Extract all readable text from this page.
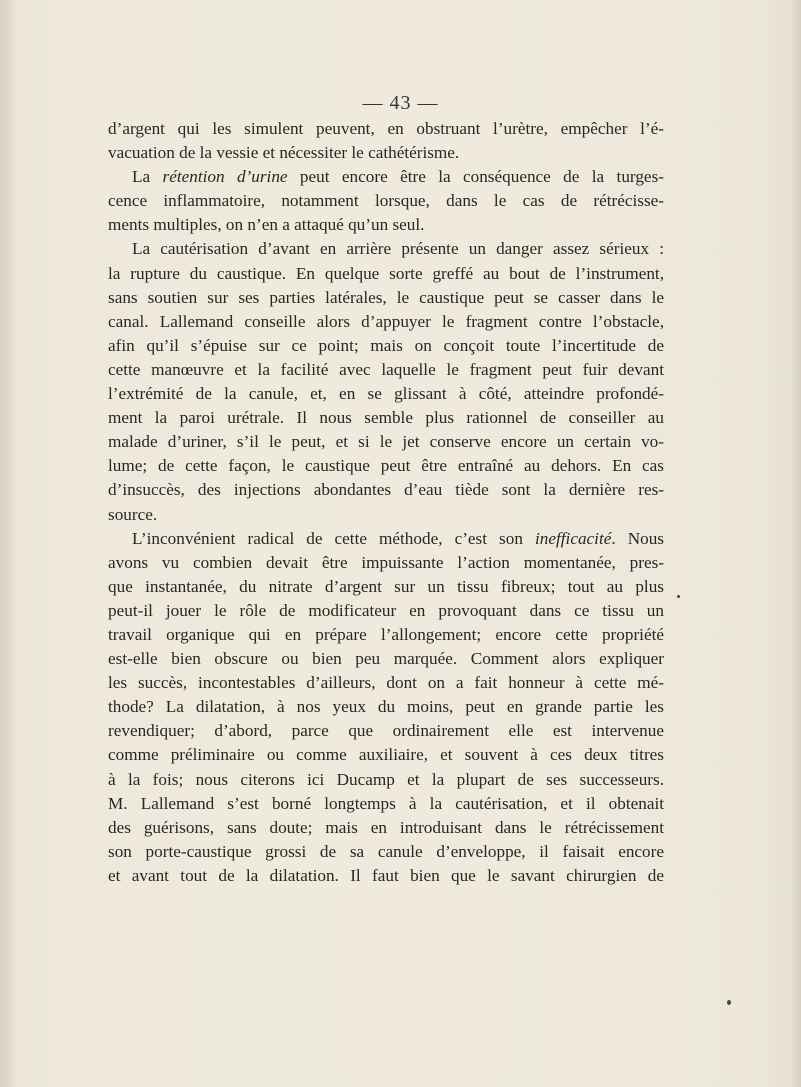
— 43 —
d’argent qui les simulent peuvent, en obstruant l’urètre, empêcher l’é-
vacuation de la vessie et nécessiter le cathétérisme.
La rétention d’urine peut encore être la conséquence de la turges-
cence inflammatoire, notamment lorsque, dans le cas de rétrécisse-
ments multiples, on n’en a attaqué qu’un seul.
La cautérisation d’avant en arrière présente un danger assez sérieux :
la rupture du caustique. En quelque sorte greffé au bout de l’instrument,
sans soutien sur ses parties latérales, le caustique peut se casser dans le
canal. Lallemand conseille alors d’appuyer le fragment contre l’obstacle,
afin qu’il s’épuise sur ce point; mais on conçoit toute l’incertitude de
cette manœuvre et la facilité avec laquelle le fragment peut fuir devant
l’extrémité de la canule, et, en se glissant à côté, atteindre profondé-
ment la paroi urétrale. Il nous semble plus rationnel de conseiller au
malade d’uriner, s’il le peut, et si le jet conserve encore un certain vo-
lume; de cette façon, le caustique peut être entraîné au dehors. En cas
d’insuccès, des injections abondantes d’eau tiède sont la dernière res-
source.
L’inconvénient radical de cette méthode, c’est son inefficacité. Nous
avons vu combien devait être impuissante l’action momentanée, pres-
que instantanée, du nitrate d’argent sur un tissu fibreux; tout au plus
peut-il jouer le rôle de modificateur en provoquant dans ce tissu un
travail organique qui en prépare l’allongement; encore cette propriété
est-elle bien obscure ou bien peu marquée. Comment alors expliquer
les succès, incontestables d’ailleurs, dont on a fait honneur à cette mé-
thode? La dilatation, à nos yeux du moins, peut en grande partie les
revendiquer; d’abord, parce que ordinairement elle est intervenue
comme préliminaire ou comme auxiliaire, et souvent à ces deux titres
à la fois; nous citerons ici Ducamp et la plupart de ses successeurs.
M. Lallemand s’est borné longtemps à la cautérisation, et il obtenait
des guérisons, sans doute; mais en introduisant dans le rétrécissement
son porte-caustique grossi de sa canule d’enveloppe, il faisait encore
et avant tout de la dilatation. Il faut bien que le savant chirurgien de
